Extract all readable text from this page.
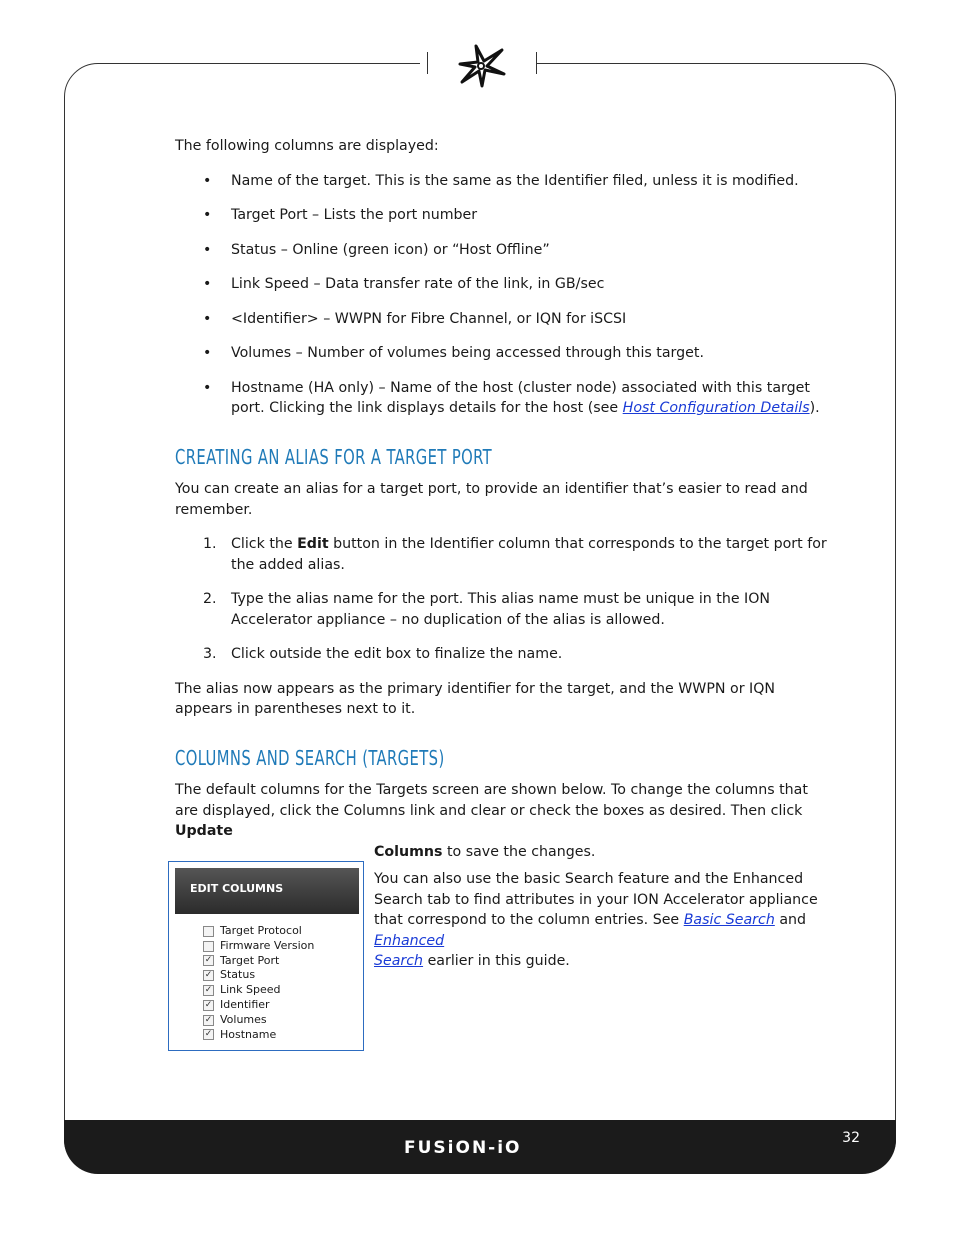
The following columns are displayed:

• Name of the target. This is the same as the Identifier filed, unless it is modified.
• Target Port – Lists the port number
• Status – Online (green icon) or “Host Offline”
• Link Speed – Data transfer rate of the link, in GB/sec
• <Identifier> – WWPN for Fibre Channel, or IQN for iSCSI
• Volumes – Number of volumes being accessed through this target.
• Hostname (HA only) – Name of the host (cluster node) associated with this target port. Clicking the link displays details for the host (see Host Configuration Details).
CREATING AN ALIAS FOR A TARGET PORT

You can create an alias for a target port, to provide an identifier that’s easier to read and remember.

1. Click the Edit button in the Identifier column that corresponds to the target port for the added alias.
2. Type the alias name for the port. This alias name must be unique in the ION Accelerator appliance – no duplication of the alias is allowed.
3. Click outside the edit box to finalize the name.

The alias now appears as the primary identifier for the target, and the WWPN or IQN appears in parentheses next to it.

COLUMNS AND SEARCH (TARGETS)

The default columns for the Targets screen are shown below. To change the columns that are displayed, click the Columns link and clear or check the boxes as desired. Then click Update
Columns to save the changes.

EDIT COLUMNS
Target Protocol
Firmware Version
✓ Target Port
✓ Status
✓ Link Speed
✓ Identifier
✓ Volumes
✓ Hostname
You can also use the basic Search feature and the Enhanced Search tab to find attributes in your ION Accelerator appliance that correspond to the column entries. See Basic Search and Enhanced
Search earlier in this guide.
FUSiON-iO	32
